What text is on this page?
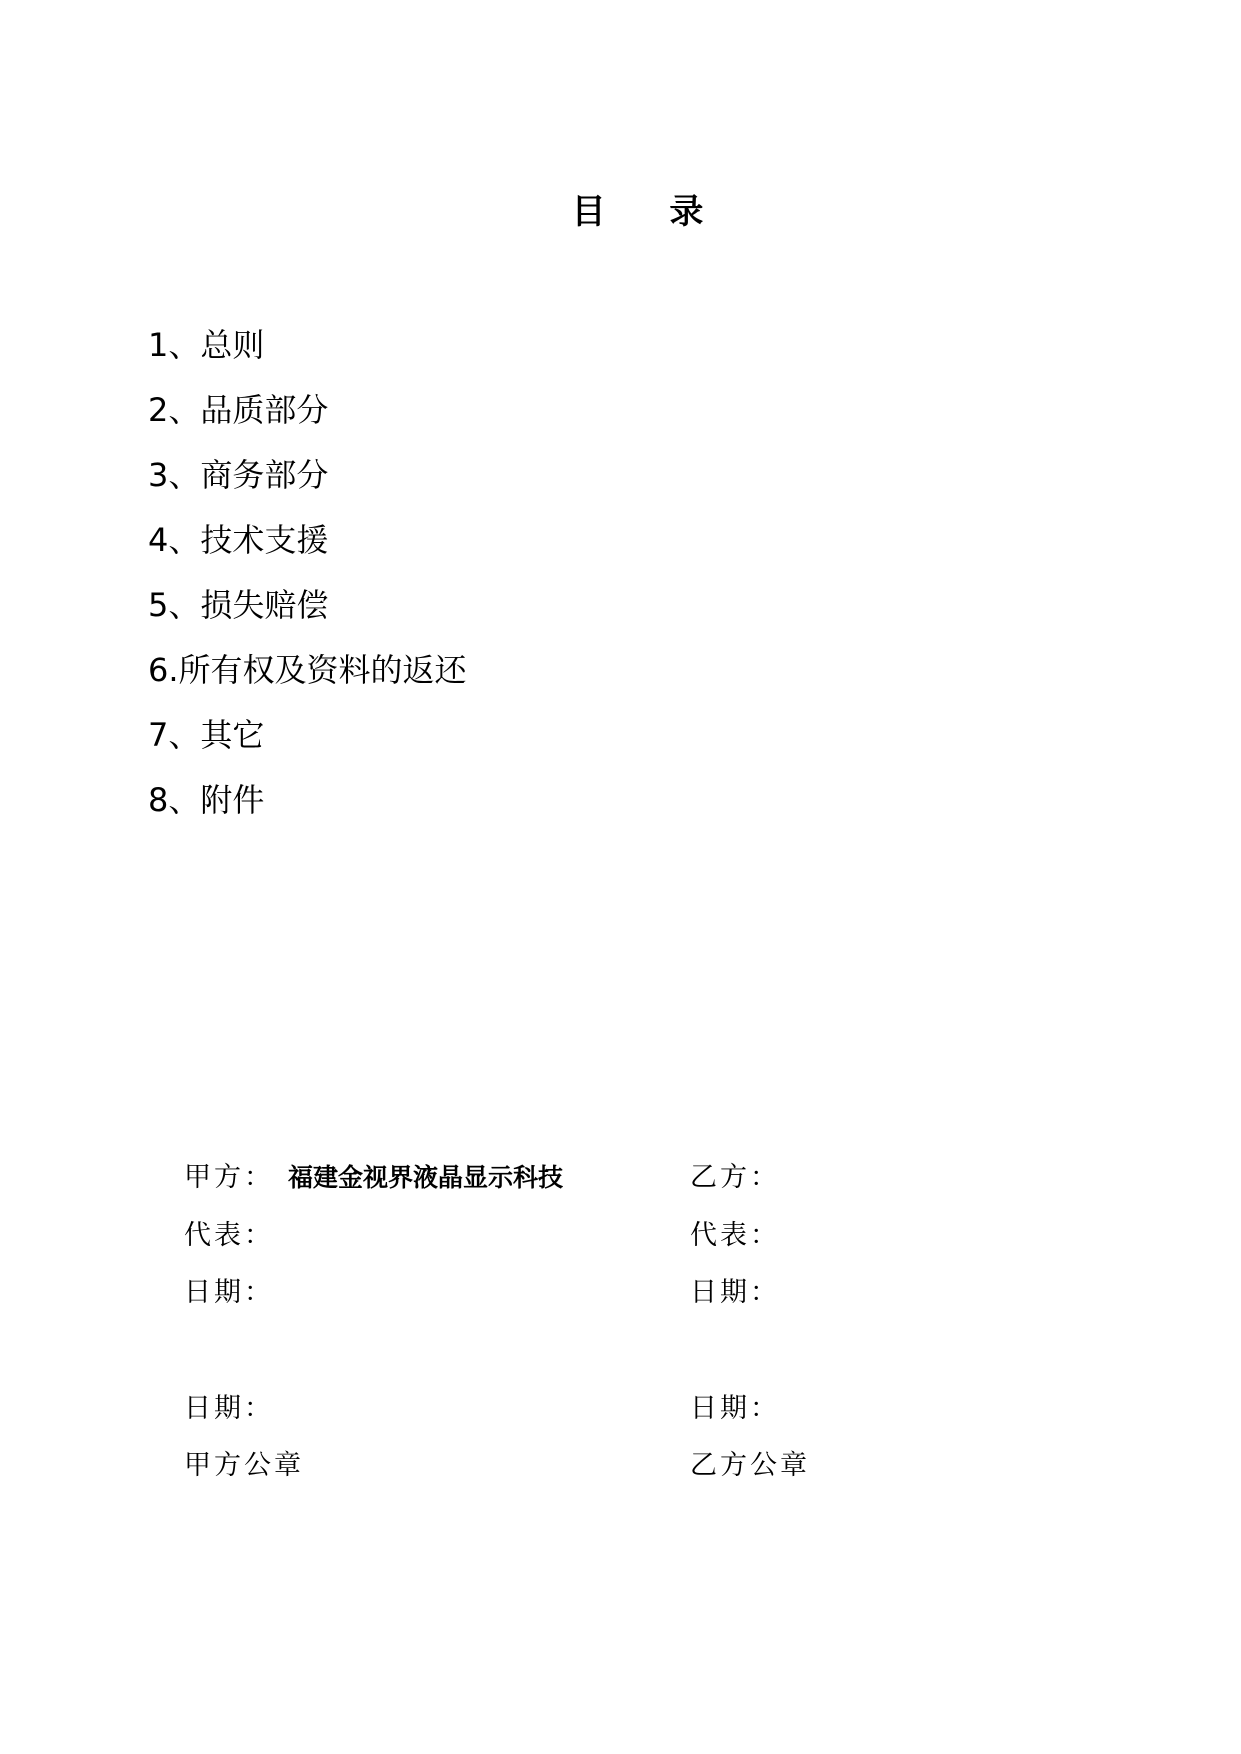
目 录
1、总则
2、品质部分
3、商务部分
4、技术支援
5、损失赔偿
6.所有权及资料的返还
7、其它
8、附件
甲方： 福建金视界液晶显示科技
代表：
日期：
日期：
甲方公章
乙方：
代表：
日期：
日期：
乙方公章
